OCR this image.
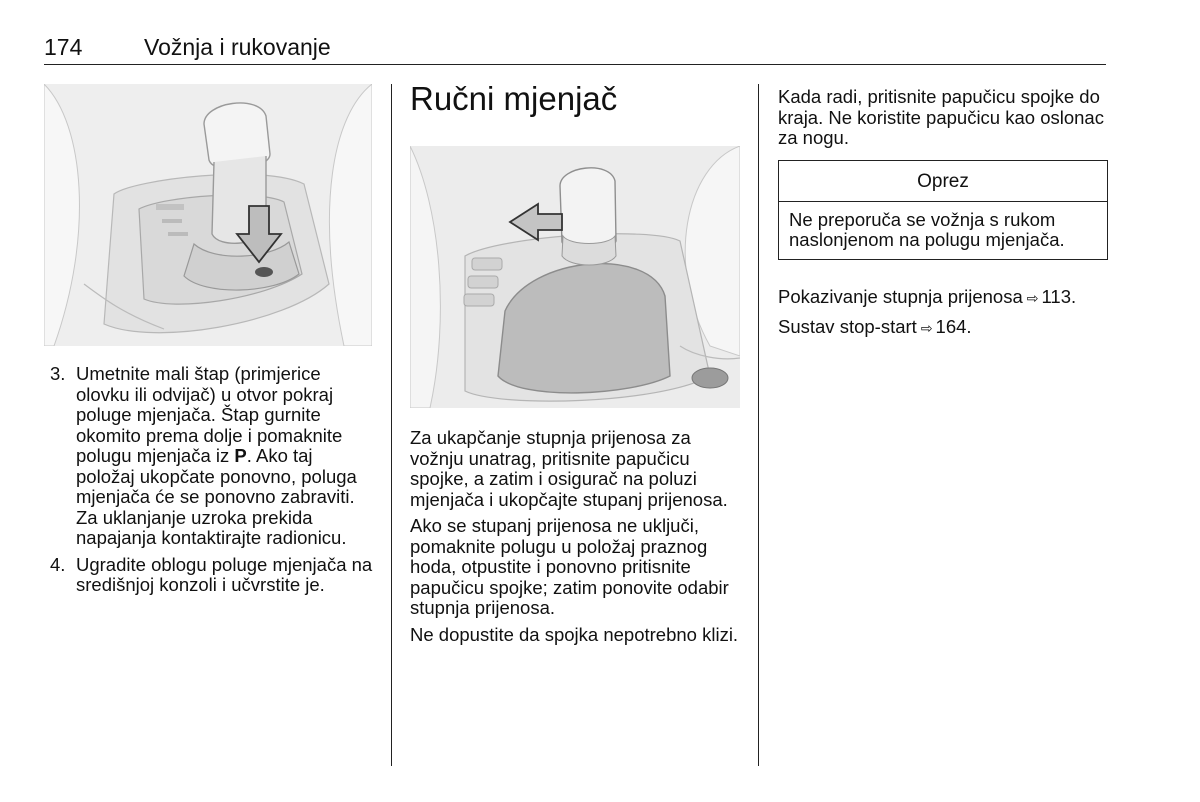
174	Vožnja i rukovanje
3. Umetnite mali štap (primjerice olovku ili odvijač) u otvor pokraj poluge mjenjača. Štap gurnite okomito prema dolje i pomaknite polugu mjenjača iz P. Ako taj položaj ukopčate ponovno, poluga mjenjača će se ponovno zabraviti. Za uklanjanje uzroka prekida napajanja kontaktirajte radionicu.
4. Ugradite oblogu poluge mjenjača na središnjoj konzoli i učvrstite je.
Ručni mjenjač

Za ukapčanje stupnja prijenosa za vožnju unatrag, pritisnite papučicu spojke, a zatim i osigurač na poluzi mjenjača i ukopčajte stupanj prijenosa.

Ako se stupanj prijenosa ne uključi, pomaknite polugu u položaj praznog hoda, otpustite i ponovno pritisnite papučicu spojke; zatim ponovite odabir stupnja prijenosa.

Ne dopustite da spojka nepotrebno klizi.

Kada radi, pritisnite papučicu spojke do kraja. Ne koristite papučicu kao oslonac za nogu.

Oprez
Ne preporuča se vožnja s rukom naslonjenom na polugu mjenjača.

Pokazivanje stupnja prijenosa ⇨ 113.

Sustav stop-start ⇨ 164.
